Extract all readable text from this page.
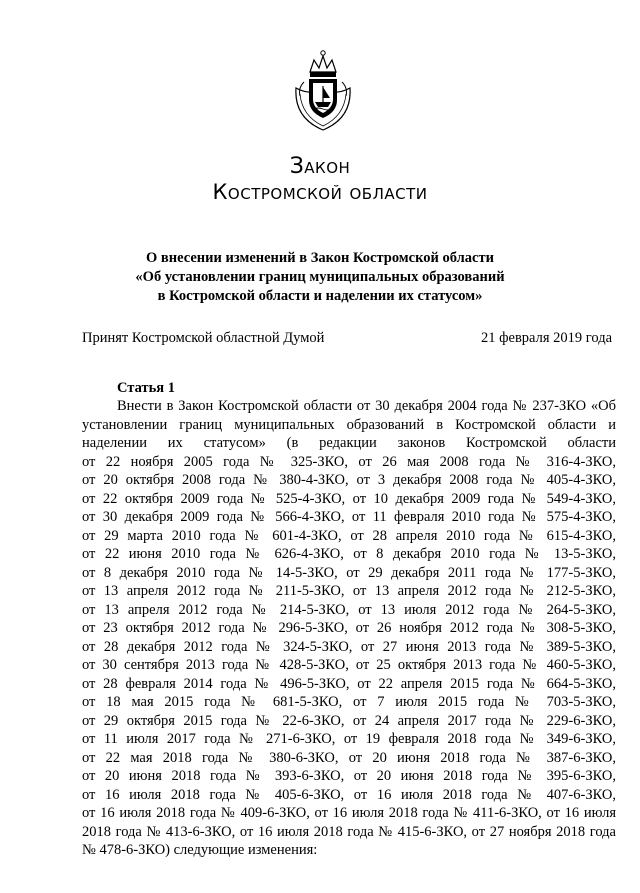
Закон
Костромской области
О внесении изменений в Закон Костромской области
«Об установлении границ муниципальных образований
в Костромской области и наделении их статусом»
Принят Костромской областной Думой	21 февраля 2019 года
Статья 1
Внести в Закон Костромской области от 30 декабря 2004 года № 237-ЗКО «Об
установлении границ муниципальных образований в Костромской области и
наделении их статусом» (в редакции законов Костромской области
от 22 ноября 2005 года № 325-ЗКО, от 26 мая 2008 года № 316-4-ЗКО,
от 20 октября 2008 года № 380-4-ЗКО, от 3 декабря 2008 года № 405-4-ЗКО,
от 22 октября 2009 года № 525-4-ЗКО, от 10 декабря 2009 года № 549-4-ЗКО,
от 30 декабря 2009 года № 566-4-ЗКО, от 11 февраля 2010 года № 575-4-ЗКО,
от 29 марта 2010 года № 601-4-ЗКО, от 28 апреля 2010 года № 615-4-ЗКО,
от 22 июня 2010 года № 626-4-ЗКО, от 8 декабря 2010 года № 13-5-ЗКО,
от 8 декабря 2010 года № 14-5-ЗКО, от 29 декабря 2011 года № 177-5-ЗКО,
от 13 апреля 2012 года № 211-5-ЗКО, от 13 апреля 2012 года № 212-5-ЗКО,
от 13 апреля 2012 года № 214-5-ЗКО, от 13 июля 2012 года № 264-5-ЗКО,
от 23 октября 2012 года № 296-5-ЗКО, от 26 ноября 2012 года № 308-5-ЗКО,
от 28 декабря 2012 года № 324-5-ЗКО, от 27 июня 2013 года № 389-5-ЗКО,
от 30 сентября 2013 года № 428-5-ЗКО, от 25 октября 2013 года № 460-5-ЗКО,
от 28 февраля 2014 года № 496-5-ЗКО, от 22 апреля 2015 года № 664-5-ЗКО,
от 18 мая 2015 года № 681-5-ЗКО, от 7 июля 2015 года № 703-5-ЗКО,
от 29 октября 2015 года № 22-6-ЗКО, от 24 апреля 2017 года № 229-6-ЗКО,
от 11 июля 2017 года № 271-6-ЗКО, от 19 февраля 2018 года № 349-6-ЗКО,
от 22 мая 2018 года № 380-6-ЗКО, от 20 июня 2018 года № 387-6-ЗКО,
от 20 июня 2018 года № 393-6-ЗКО, от 20 июня 2018 года № 395-6-ЗКО,
от 16 июля 2018 года № 405-6-ЗКО, от 16 июля 2018 года № 407-6-ЗКО,
от 16 июля 2018 года № 409-6-ЗКО, от 16 июля 2018 года № 411-6-ЗКО, от 16 июля
2018 года № 413-6-ЗКО, от 16 июля 2018 года № 415-6-ЗКО, от 27 ноября 2018 года
№ 478-6-ЗКО) следующие изменения:
